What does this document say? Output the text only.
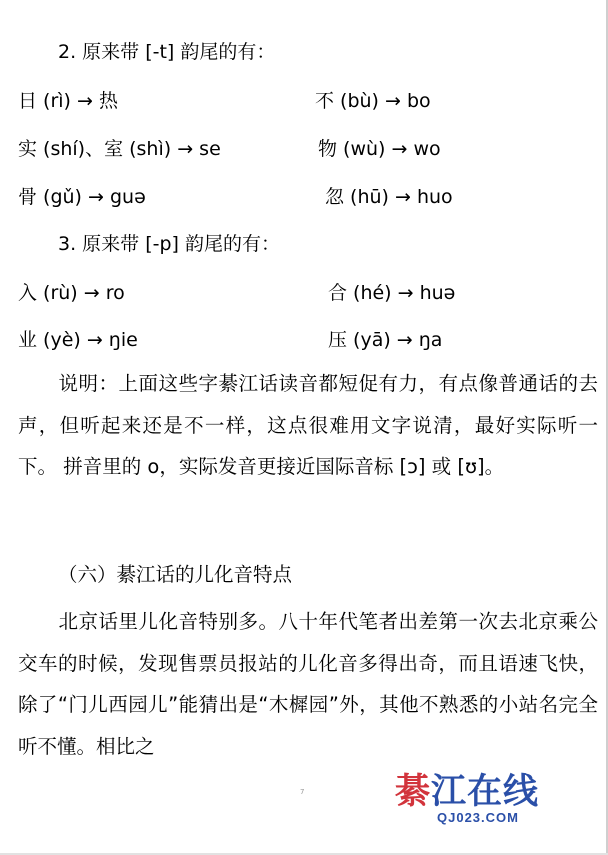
2. 原来带 [-t] 韵尾的有：
日 (rì) → 热	不 (bù) → bo
实 (shí)、室 (shì) → se	物 (wù) → wo
骨 (gǔ) → guə	忽 (hū) → huo
3. 原来带 [-p] 韵尾的有：
入 (rù) → ro	合 (hé) → huə
业 (yè) → ŋie	压 (yā) → ŋa
说明：上面这些字綦江话读音都短促有力，有点像普通话的去声，但听起来还是不一样，这点很难用文字说清，最好实际听一下。 拼音里的 o，实际发音更接近国际音标 [ɔ] 或 [ʊ]。
（六）綦江话的儿化音特点
北京话里儿化音特别多。八十年代笔者出差第一次去北京乘公交车的时候，发现售票员报站的儿化音多得出奇，而且语速飞快，除了“门儿西园儿”能猜出是“木樨园”外，其他不熟悉的小站名完全听不懂。相比之
7	綦江在线
QJ023.COM
